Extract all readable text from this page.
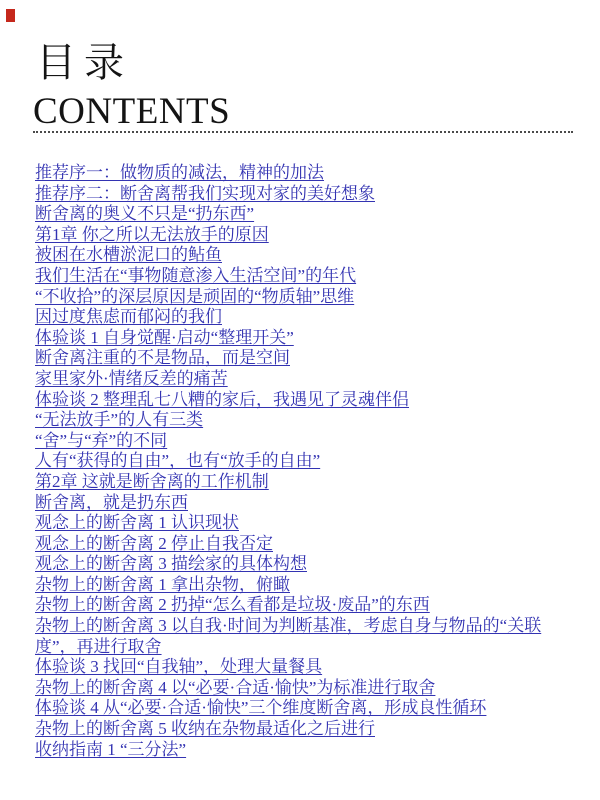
目录
CONTENTS
推荐序一：做物质的减法，精神的加法
推荐序二：断舍离帮我们实现对家的美好想象
断舍离的奥义不只是“扔东西”
第1章 你之所以无法放手的原因
被困在水槽淤泥口的鲇鱼
我们生活在“事物随意渗入生活空间”的年代
“不收拾”的深层原因是顽固的“物质轴”思维
因过度焦虑而郁闷的我们
体验谈 1 自身觉醒·启动“整理开关”
断舍离注重的不是物品，而是空间
家里家外·情绪反差的痛苦
体验谈 2 整理乱七八糟的家后，我遇见了灵魂伴侣
“无法放手”的人有三类
“舍”与“弃”的不同
人有“获得的自由”，也有“放手的自由”
第2章 这就是断舍离的工作机制
断舍离，就是扔东西
观念上的断舍离 1 认识现状
观念上的断舍离 2 停止自我否定
观念上的断舍离 3 描绘家的具体构想
杂物上的断舍离 1 拿出杂物，俯瞰
杂物上的断舍离 2 扔掉“怎么看都是垃圾·废品”的东西
杂物上的断舍离 3 以自我·时间为判断基准，考虑自身与物品的“关联度”，再进行取舍
体验谈 3 找回“自我轴”，处理大量餐具
杂物上的断舍离 4 以“必要·合适·愉快”为标准进行取舍
体验谈 4 从“必要·合适·愉快”三个维度断舍离，形成良性循环
杂物上的断舍离 5 收纳在杂物最适化之后进行
收纳指南 1 “三分法”
